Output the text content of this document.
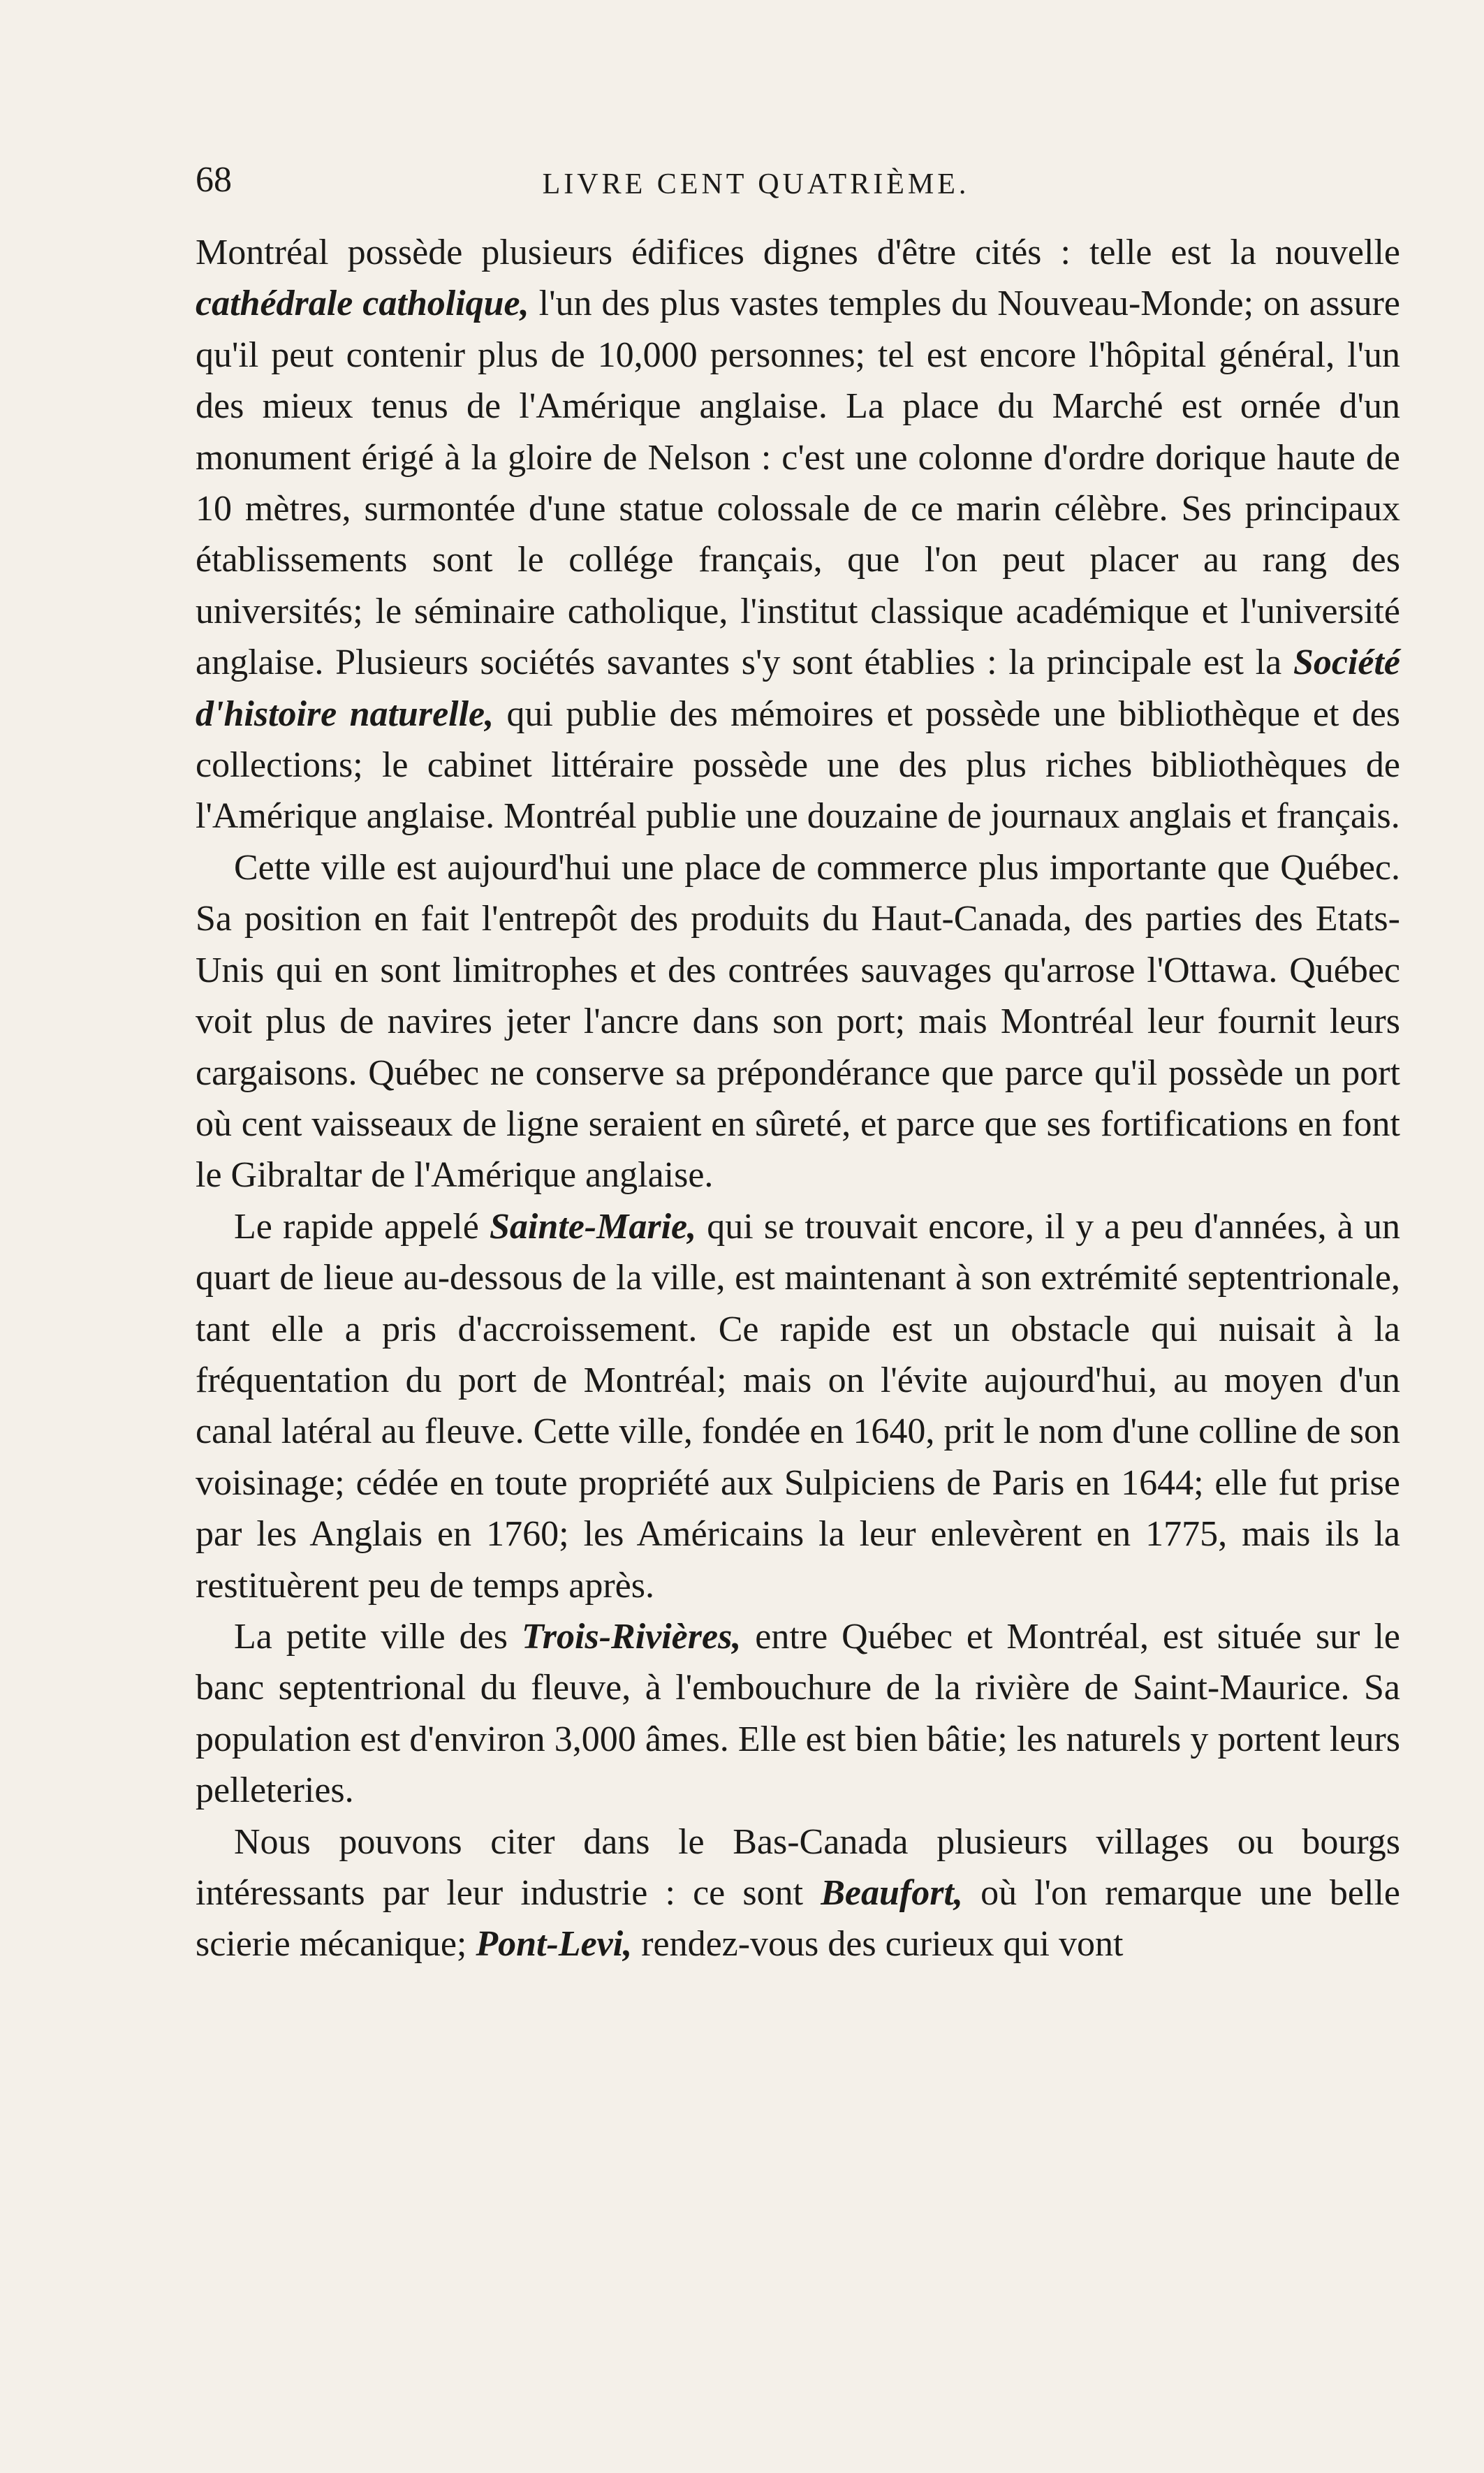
68	LIVRE CENT QUATRIÈME.

Montréal possède plusieurs édifices dignes d'être cités : telle est la nouvelle cathédrale catholique, l'un des plus vastes temples du Nouveau-Monde; on assure qu'il peut contenir plus de 10,000 personnes; tel est encore l'hôpital général, l'un des mieux tenus de l'Amérique anglaise. La place du Marché est ornée d'un monument érigé à la gloire de Nelson : c'est une colonne d'ordre dorique haute de 10 mètres, surmontée d'une statue colossale de ce marin célèbre. Ses principaux établissements sont le collége français, que l'on peut placer au rang des universités; le séminaire catholique, l'institut classique académique et l'université anglaise. Plusieurs sociétés savantes s'y sont établies : la principale est la Société d'histoire naturelle, qui publie des mémoires et possède une bibliothèque et des collections; le cabinet littéraire possède une des plus riches bibliothèques de l'Amérique anglaise. Montréal publie une douzaine de journaux anglais et français.

Cette ville est aujourd'hui une place de commerce plus importante que Québec. Sa position en fait l'entrepôt des produits du Haut-Canada, des parties des Etats-Unis qui en sont limitrophes et des contrées sauvages qu'arrose l'Ottawa. Québec voit plus de navires jeter l'ancre dans son port; mais Montréal leur fournit leurs cargaisons. Québec ne conserve sa prépondérance que parce qu'il possède un port où cent vaisseaux de ligne seraient en sûreté, et parce que ses fortifications en font le Gibraltar de l'Amérique anglaise.

Le rapide appelé Sainte-Marie, qui se trouvait encore, il y a peu d'années, à un quart de lieue au-dessous de la ville, est maintenant à son extrémité septentrionale, tant elle a pris d'accroissement. Ce rapide est un obstacle qui nuisait à la fréquentation du port de Montréal; mais on l'évite aujourd'hui, au moyen d'un canal latéral au fleuve. Cette ville, fondée en 1640, prit le nom d'une colline de son voisinage; cédée en toute propriété aux Sulpiciens de Paris en 1644; elle fut prise par les Anglais en 1760; les Américains la leur enlevèrent en 1775, mais ils la restituèrent peu de temps après.

La petite ville des Trois-Rivières, entre Québec et Montréal, est située sur le banc septentrional du fleuve, à l'embouchure de la rivière de Saint-Maurice. Sa population est d'environ 3,000 âmes. Elle est bien bâtie; les naturels y portent leurs pelleteries.

Nous pouvons citer dans le Bas-Canada plusieurs villages ou bourgs intéressants par leur industrie : ce sont Beaufort, où l'on remarque une belle scierie mécanique; Pont-Levi, rendez-vous des curieux qui vont
